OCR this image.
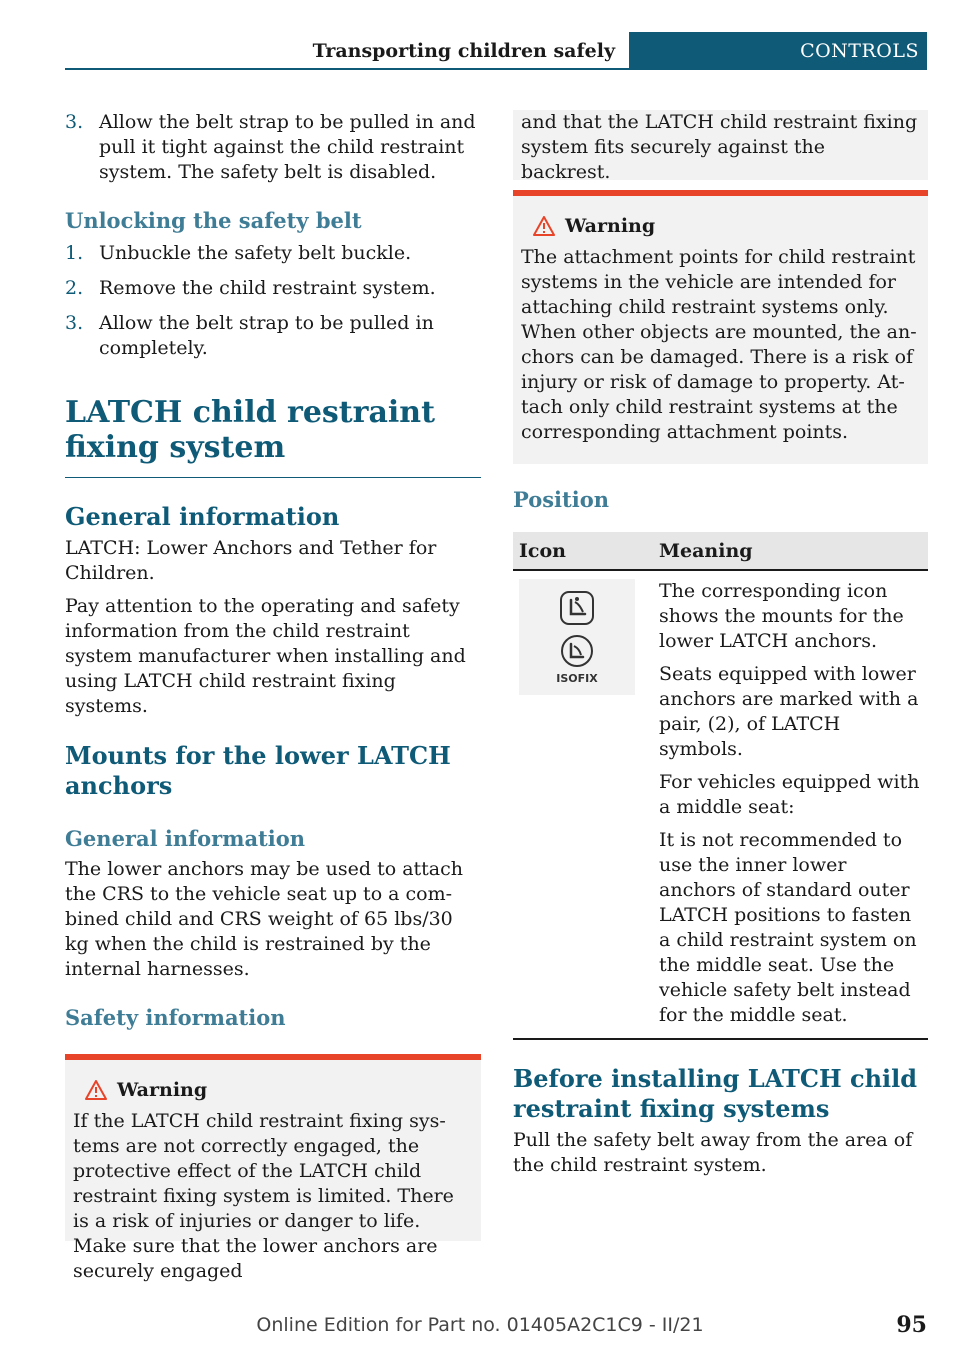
Transporting children safely	CONTROLS
3. Allow the belt strap to be pulled in and pull it tight against the child restraint system. The safety belt is disabled.
Unlocking the safety belt
1. Unbuckle the safety belt buckle.
2. Remove the child restraint system.
3. Allow the belt strap to be pulled in completely.
LATCH child restraint fixing system
General information

LATCH: Lower Anchors and Tether for Children.

Pay attention to the operating and safety information from the child restraint system manufacturer when installing and using LATCH child restraint fixing systems.

Mounts for the lower LATCH anchors
General information

The lower anchors may be used to attach the CRS to the vehicle seat up to a combined child and CRS weight of 65 lbs/30 kg when the child is restrained by the internal harnesses.

Safety information
Warning

If the LATCH child restraint fixing systems are not correctly engaged, the protective effect of the LATCH child restraint fixing system is limited. There is a risk of injuries or danger to life. Make sure that the lower anchors are securely engaged

and that the LATCH child restraint fixing system fits securely against the backrest.

Warning

The attachment points for child restraint systems in the vehicle are intended for attaching child restraint systems only. When other objects are mounted, the anchors can be damaged. There is a risk of injury or risk of damage to property. Attach only child restraint systems at the corresponding attachment points.

Position
Icon	Meaning

ISOFIX	The corresponding icon shows the mounts for the lower LATCH anchors.

Seats equipped with lower anchors are marked with a pair, (2), of LATCH symbols.

For vehicles equipped with a middle seat:

It is not recommended to use the inner lower anchors of standard outer LATCH positions to fasten a child restraint system on the middle seat. Use the vehicle safety belt instead for the middle seat.

Before installing LATCH child restraint fixing systems

Pull the safety belt away from the area of the child restraint system.

Online Edition for Part no. 01405A2C1C9 - II/21	95
